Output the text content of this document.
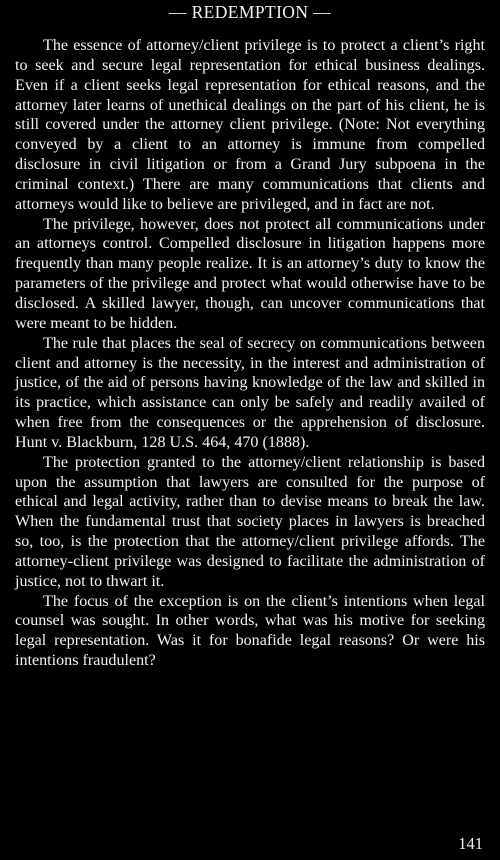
— REDEMPTION —

The essence of attorney/client privilege is to protect a client’s right to seek and secure legal representation for ethical business dealings. Even if a client seeks legal representation for ethical reasons, and the attorney later learns of unethical dealings on the part of his client, he is still covered under the attorney client privilege. (Note: Not everything conveyed by a client to an attorney is immune from compelled disclosure in civil litigation or from a Grand Jury subpoena in the criminal context.) There are many communications that clients and attorneys would like to believe are privileged, and in fact are not.

The privilege, however, does not protect all communications under an attorneys control. Compelled disclosure in litigation happens more frequently than many people realize. It is an attorney’s duty to know the parameters of the privilege and protect what would otherwise have to be disclosed. A skilled lawyer, though, can uncover communications that were meant to be hidden.

The rule that places the seal of secrecy on communications between client and attorney is the necessity, in the interest and administration of justice, of the aid of persons having knowledge of the law and skilled in its practice, which assistance can only be safely and readily availed of when free from the consequences or the apprehension of disclosure. Hunt v. Blackburn, 128 U.S. 464, 470 (1888).

The protection granted to the attorney/client relationship is based upon the assumption that lawyers are consulted for the purpose of ethical and legal activity, rather than to devise means to break the law. When the fundamental trust that society places in lawyers is breached so, too, is the protection that the attorney/client privilege affords. The attorney-client privilege was designed to facilitate the administration of justice, not to thwart it.

The focus of the exception is on the client’s intentions when legal counsel was sought. In other words, what was his motive for seeking legal representation. Was it for bonafide legal reasons? Or were his intentions fraudulent?

141
